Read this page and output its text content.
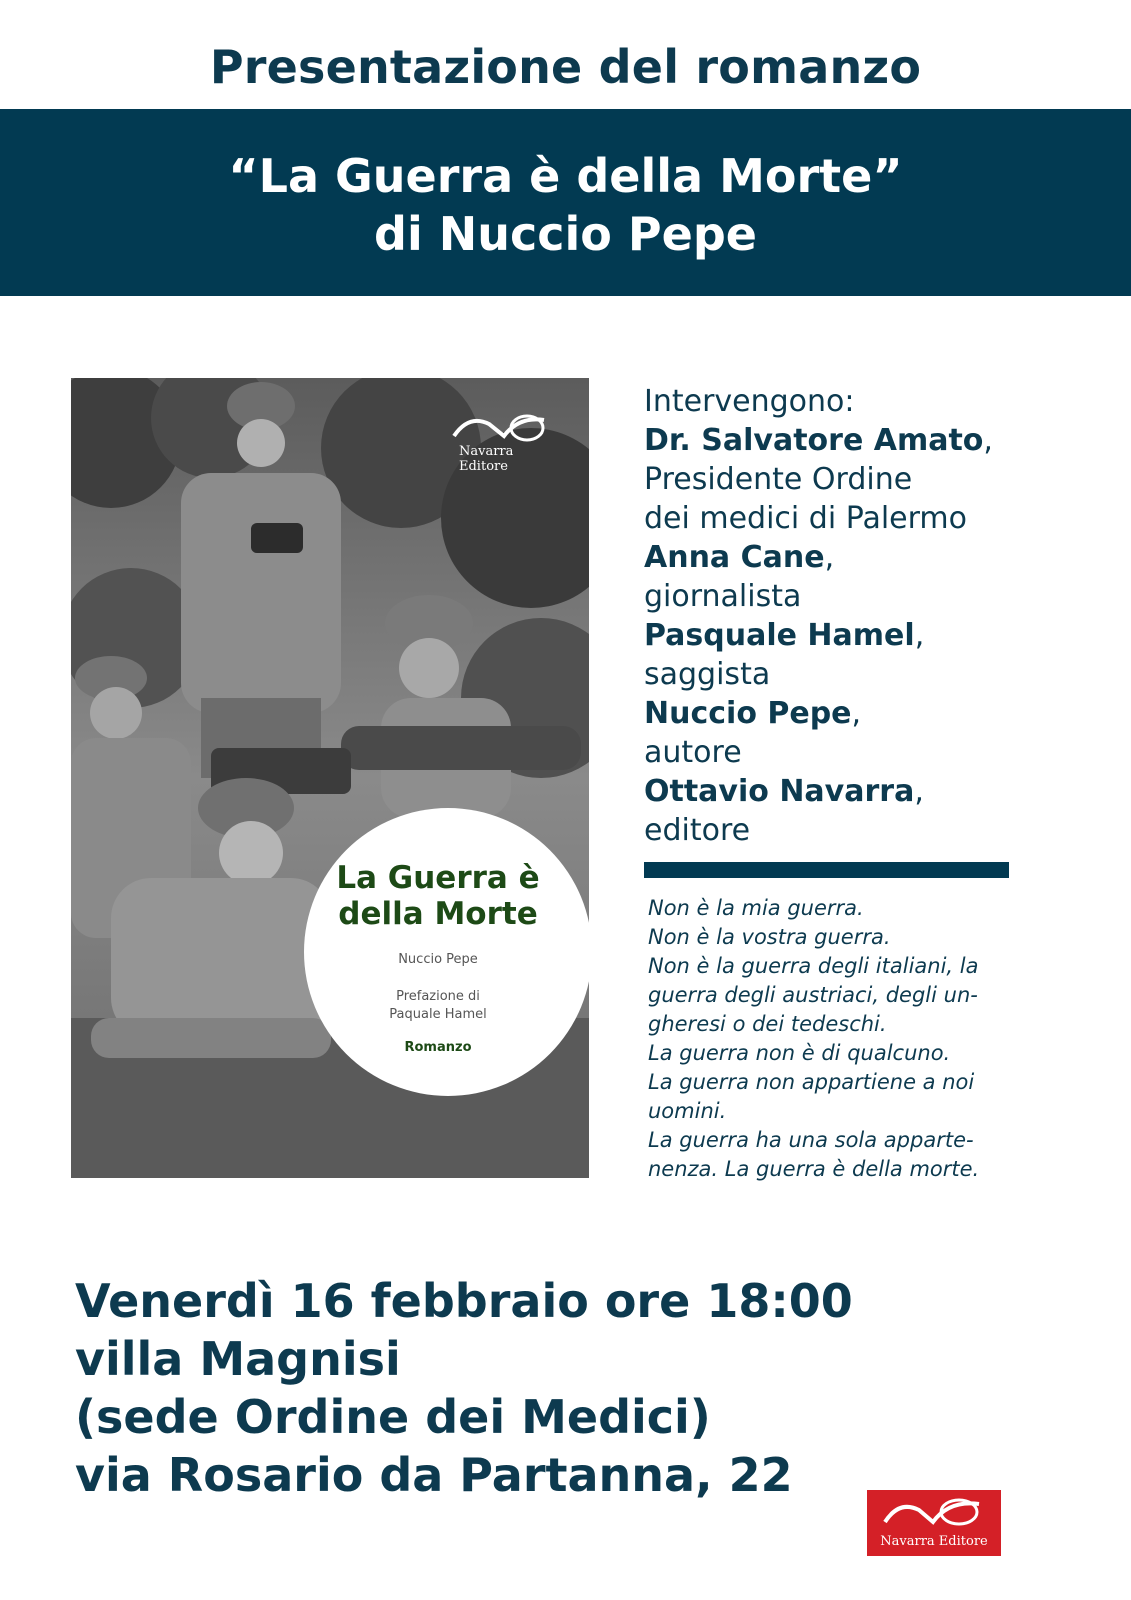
Presentazione del romanzo
“La Guerra è della Morte”
di Nuccio Pepe
Navarra Editore
La Guerra è
della Morte
Nuccio Pepe
Prefazione di
Paquale Hamel
Romanzo
Intervengono:
Dr. Salvatore Amato,
Presidente Ordine
dei medici di Palermo
Anna Cane,
giornalista
Pasquale Hamel,
saggista
Nuccio Pepe,
autore
Ottavio Navarra,
editore
Non è la mia guerra.
Non è la vostra guerra.
Non è la guerra degli italiani, la
guerra degli austriaci, degli un-
gheresi o dei tedeschi.
La guerra non è di qualcuno.
La guerra non appartiene a noi
uomini.
La guerra ha una sola apparte-
nenza. La guerra è della morte.
Venerdì 16 febbraio ore 18:00
villa Magnisi
(sede Ordine dei Medici)
via Rosario da Partanna, 22
Navarra Editore
